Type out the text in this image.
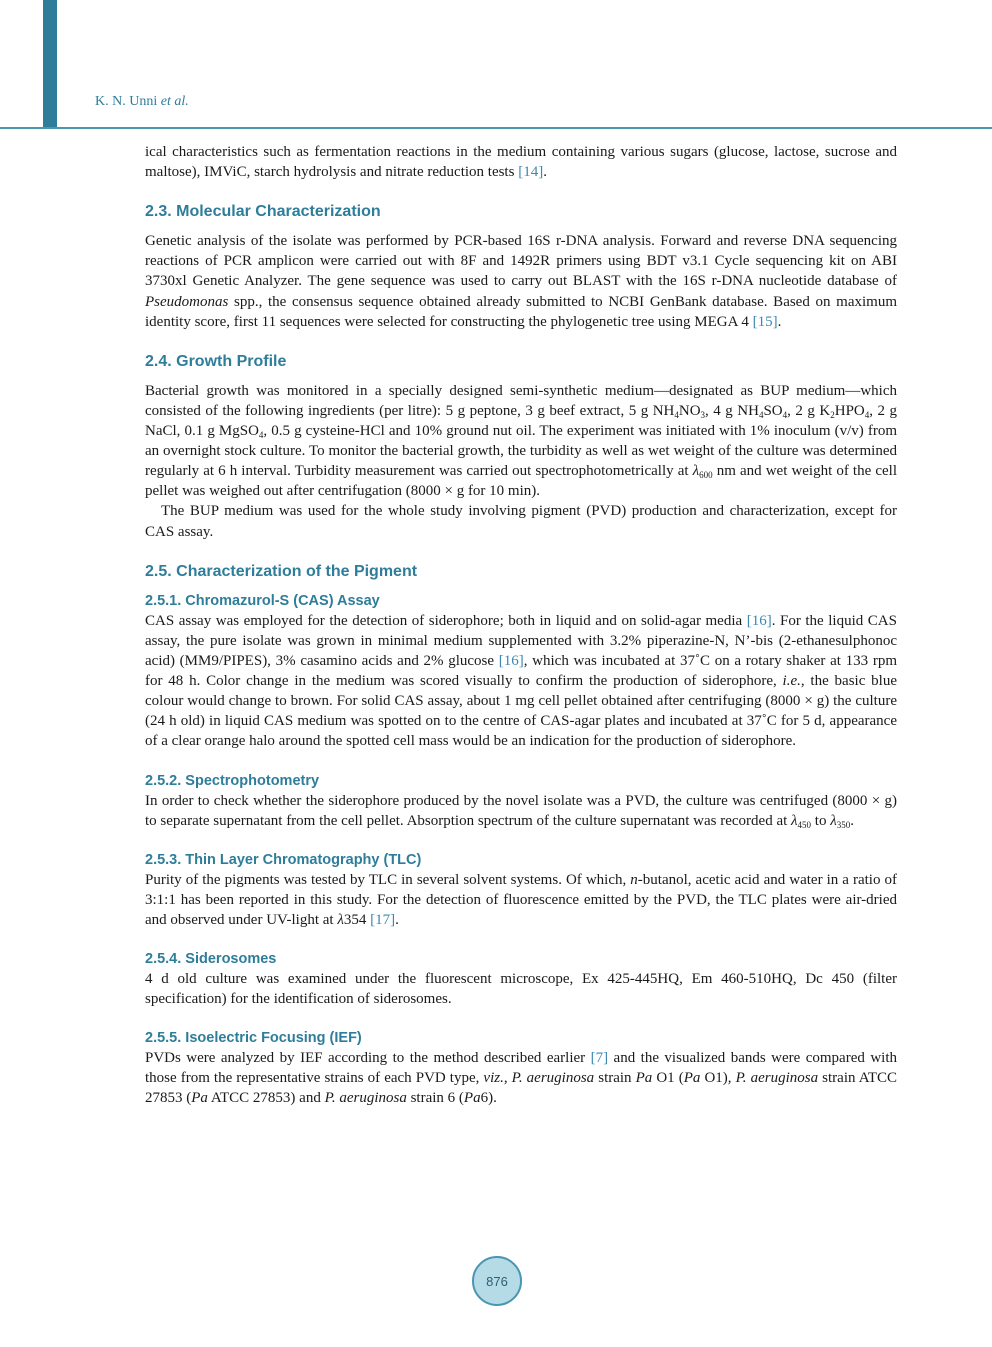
K. N. Unni et al.

ical characteristics such as fermentation reactions in the medium containing various sugars (glucose, lactose, sucrose and maltose), IMViC, starch hydrolysis and nitrate reduction tests [14].

2.3. Molecular Characterization

Genetic analysis of the isolate was performed by PCR-based 16S r-DNA analysis. Forward and reverse DNA sequencing reactions of PCR amplicon were carried out with 8F and 1492R primers using BDT v3.1 Cycle sequencing kit on ABI 3730xl Genetic Analyzer. The gene sequence was used to carry out BLAST with the 16S r-DNA nucleotide database of Pseudomonas spp., the consensus sequence obtained already submitted to NCBI GenBank database. Based on maximum identity score, first 11 sequences were selected for constructing the phylogenetic tree using MEGA 4 [15].

2.4. Growth Profile

Bacterial growth was monitored in a specially designed semi-synthetic medium—designated as BUP medium—which consisted of the following ingredients (per litre): 5 g peptone, 3 g beef extract, 5 g $NH_4NO_3$, 4 g $NH_4SO_4$, 2 g $K_2HPO_4$, 2 g NaCl, 0.1 g MgSO$_4$, 0.5 g cysteine-HCl and 10% ground nut oil. The experiment was initiated with 1% inoculum (v/v) from an overnight stock culture. To monitor the bacterial growth, the turbidity as well as wet weight of the culture was determined regularly at 6 h interval. Turbidity measurement was carried out spectrophotometrically at $\lambda_{600}$ nm and wet weight of the cell pellet was weighed out after centrifugation (8000 × g for 10 min).

The BUP medium was used for the whole study involving pigment (PVD) production and characterization, except for CAS assay.

2.5. Characterization of the Pigment
2.5.1. Chromazurol-S (CAS) Assay

CAS assay was employed for the detection of siderophore; both in liquid and on solid-agar media [16]. For the liquid CAS assay, the pure isolate was grown in minimal medium supplemented with 3.2% piperazine-N, N’-bis (2-ethanesulphonoc acid) (MM9/PIPES), 3% casamino acids and 2% glucose [16], which was incubated at 37˚C on a rotary shaker at 133 rpm for 48 h. Color change in the medium was scored visually to confirm the production of siderophore, i.e., the basic blue colour would change to brown. For solid CAS assay, about 1 mg cell pellet obtained after centrifuging (8000 × g) the culture (24 h old) in liquid CAS medium was spotted on to the centre of CAS-agar plates and incubated at 37˚C for 5 d, appearance of a clear orange halo around the spotted cell mass would be an indication for the production of siderophore.

2.5.2. Spectrophotometry

In order to check whether the siderophore produced by the novel isolate was a PVD, the culture was centrifuged (8000 × g) to separate supernatant from the cell pellet. Absorption spectrum of the culture supernatant was recorded at $\lambda_{450}$ to $\lambda_{350}$.

2.5.3. Thin Layer Chromatography (TLC)

Purity of the pigments was tested by TLC in several solvent systems. Of which, n-butanol, acetic acid and water in a ratio of 3:1:1 has been reported in this study. For the detection of fluorescence emitted by the PVD, the TLC plates were air-dried and observed under UV-light at λ354 [17].

2.5.4. Siderosomes

4 d old culture was examined under the fluorescent microscope, Ex 425-445HQ, Em 460-510HQ, Dc 450 (filter specification) for the identification of siderosomes.

2.5.5. Isoelectric Focusing (IEF)

PVDs were analyzed by IEF according to the method described earlier [7] and the visualized bands were compared with those from the representative strains of each PVD type, viz., P. aeruginosa strain Pa O1 (Pa O1), P. aeruginosa strain ATCC 27853 (Pa ATCC 27853) and P. aeruginosa strain 6 (Pa6).

876
